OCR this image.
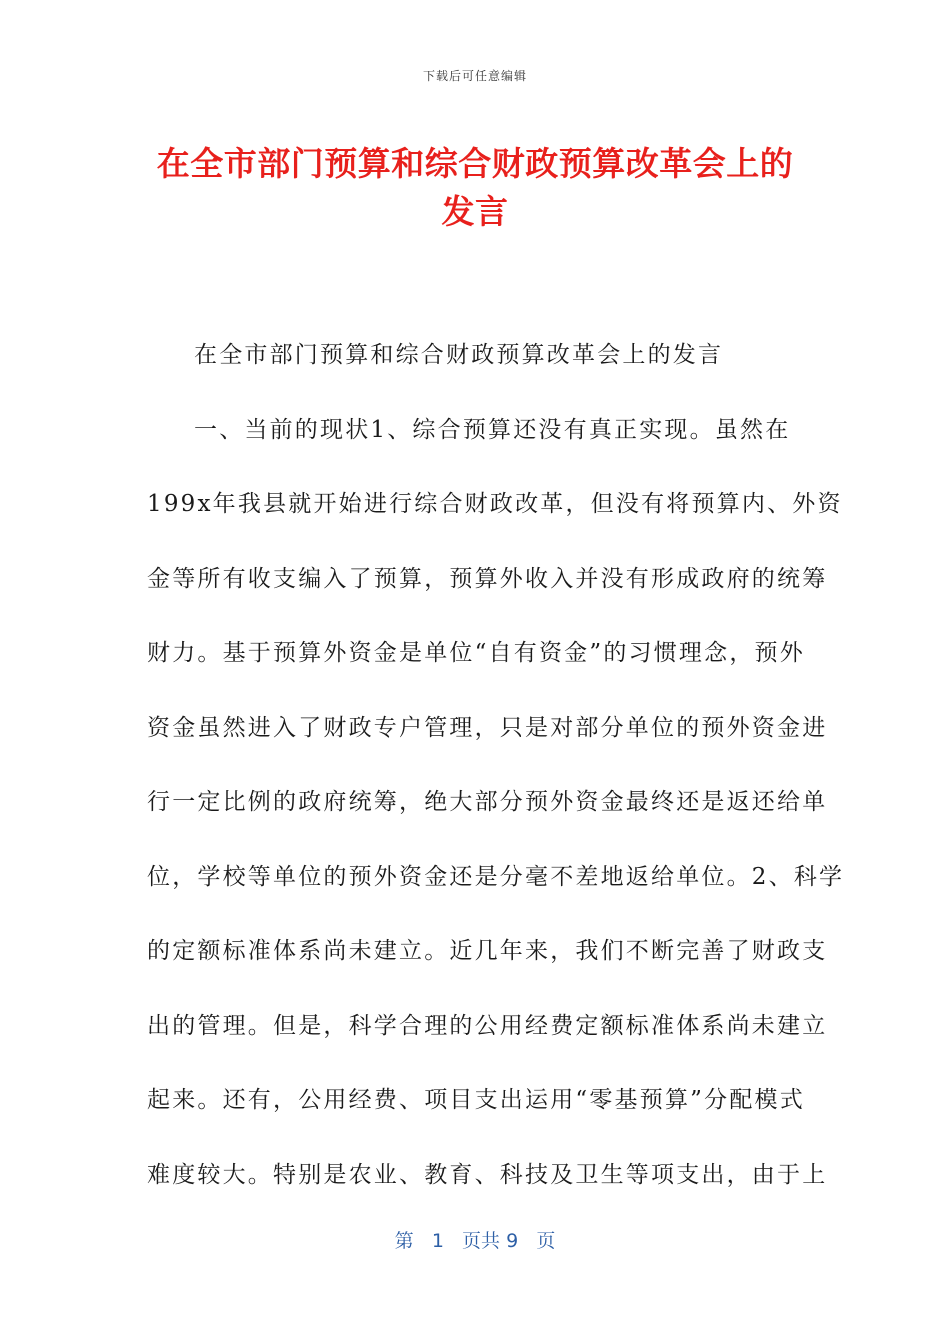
下载后可任意编辑
在全市部门预算和综合财政预算改革会上的
发言
在全市部门预算和综合财政预算改革会上的发言
一、当前的现状1、综合预算还没有真正实现。虽然在
199x年我县就开始进行综合财政改革，但没有将预算内、外资
金等所有收支编入了预算，预算外收入并没有形成政府的统筹
财力。基于预算外资金是单位“自有资金”的习惯理念，预外
资金虽然进入了财政专户管理，只是对部分单位的预外资金进
行一定比例的政府统筹，绝大部分预外资金最终还是返还给单
位，学校等单位的预外资金还是分毫不差地返给单位。2、科学
的定额标准体系尚未建立。近几年来，我们不断完善了财政支
出的管理。但是，科学合理的公用经费定额标准体系尚未建立
起来。还有，公用经费、项目支出运用“零基预算”分配模式
难度较大。特别是农业、教育、科技及卫生等项支出，由于上
第 1 页共 9 页
